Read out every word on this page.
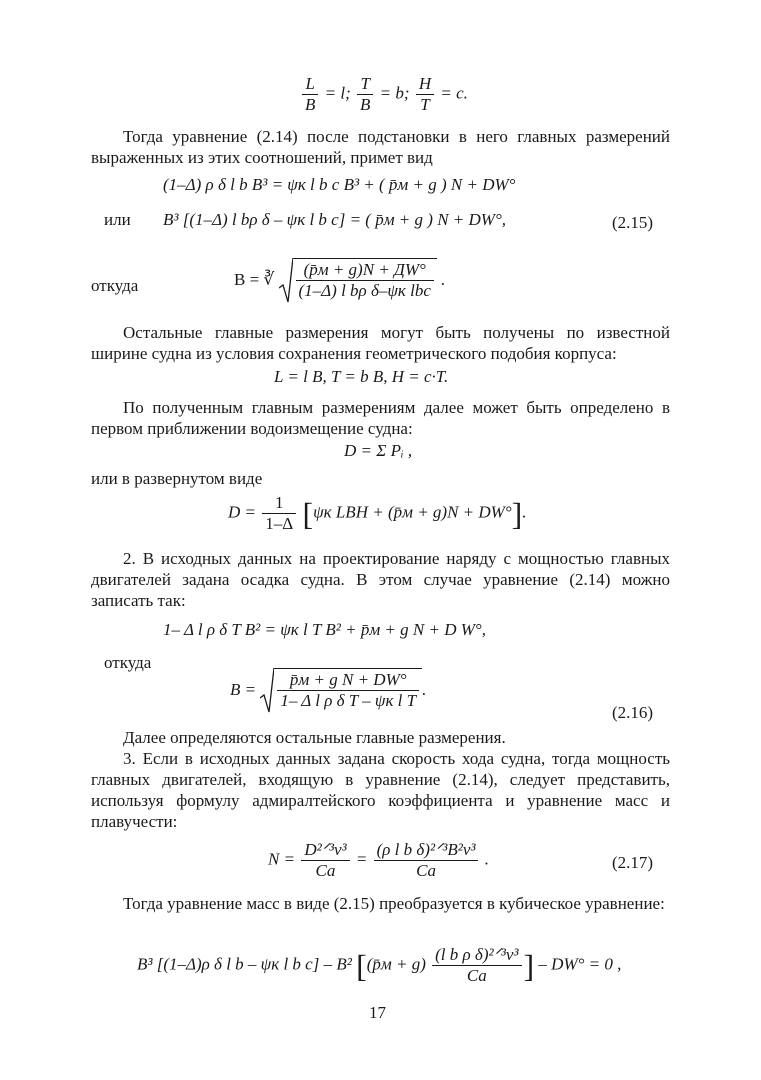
$\frac{L}{B} = l$; $\frac{T}{B} = b$; $\frac{H}{T} = c$.

Тогда уравнение (2.14) после подстановки в него главных размерений выраженных из этих соотношений, примет вид

(1–Δ) ρ δ l b B³ = ψк l b c B³ + ( p̄м + g ) N + DW°
или B³ [(1–Δ) l bρ δ – ψк l b c] = ( p̄м + g ) N + DW°,	(2.15)
откуда	B = ∛ $\frac{(p̄м + g)N + ДW^\circ}{\text{(1–Δ) l bρ δ–ψк lbc}}$ .

Остальные главные размерения могут быть получены по известной ширине судна из условия сохранения геометрического подобия корпуса:

L = l B, T = b B, H = c·T.

По полученным главным размерениям далее может быть определено в первом приближении водоизмещение судна:

D = Σ Pᵢ ,

или в развернутом виде

$D = \frac{1}{1-\Delta} [\psi к$ LBH + (p̄м + g)N + DW°].

2. В исходных данных на проектирование наряду с мощностью главных двигателей задана осадка судна. В этом случае уравнение (2.14) можно записать так:

1– Δ l ρ δ T B² = ψк l T B² + p̄м + g N + D W°,
откуда
$B = \frac{\text{p̄м + g N + DW°}}{\text{1– Δ l ρ δ T – ψк l T}}$ .
(2.16)

Далее определяются остальные главные размерения.

3. Если в исходных данных задана скорость хода судна, тогда мощность главных двигателей, входящую в уравнение (2.14), следует представить, используя формулу адмиралтейского коэффициента и уравнение масс и плавучести:

$N = \frac{\text{D²ᐟ³v³}}{Ca} = \frac{\text{(ρ l b δ)²ᐟ³B²v³}}{Ca}$ .	(2.17)

Тогда уравнение масс в виде (2.15) преобразуется в кубическое уравнение:

B³ [(1–Δ)ρ δ l b – ψк l b c] – B² [(p̄м + $g) \frac{\text{(l b ρ δ)²ᐟ³v³}}{Ca}$ ] – DW° = 0 ,
17
